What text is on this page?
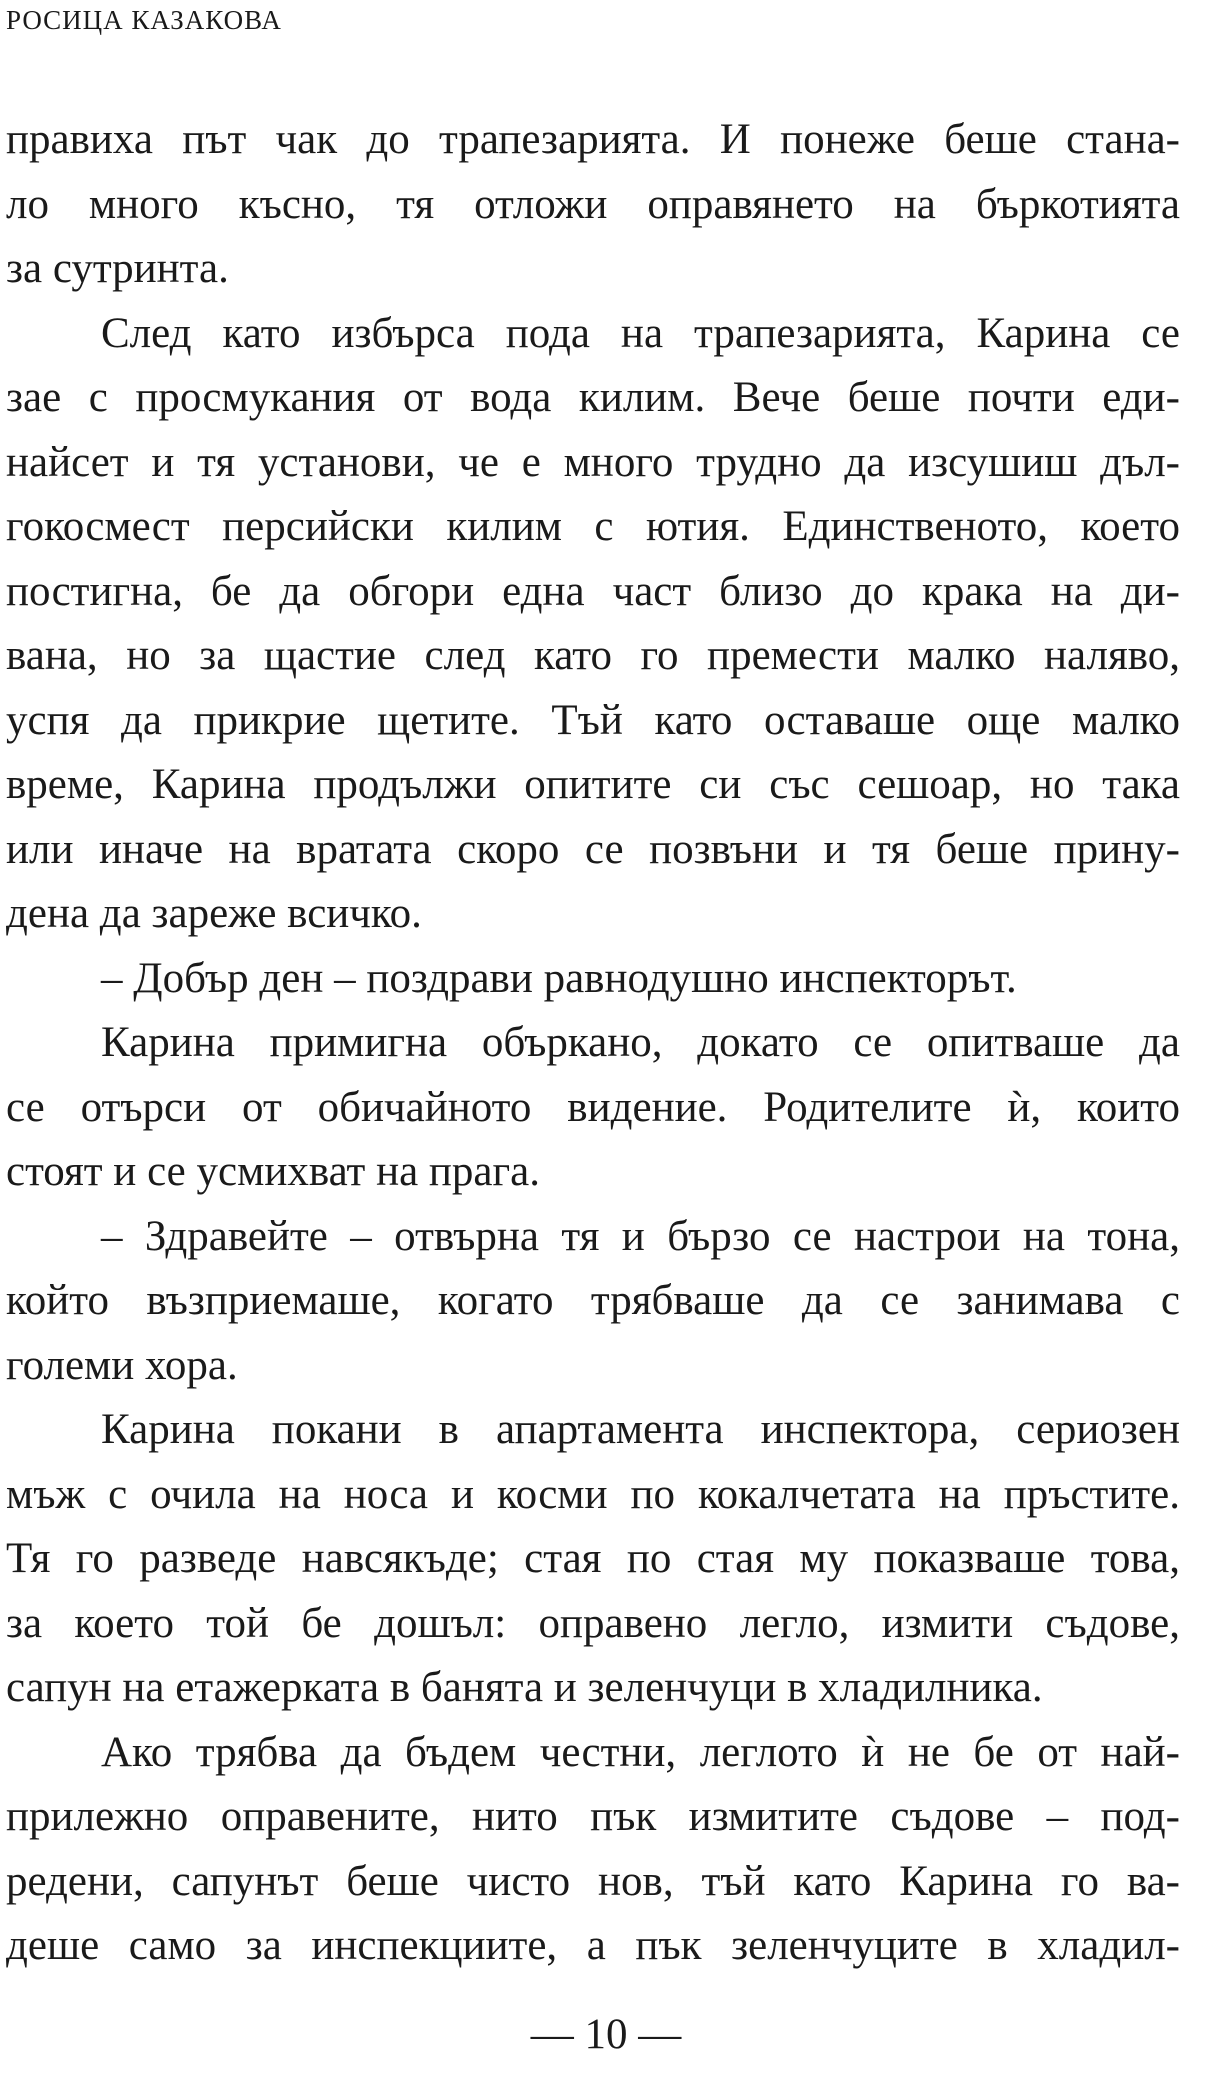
РОСИЦА КАЗАКОВА
правиха път чак до трапезарията. И понеже беше стана-
ло много късно, тя отложи оправянето на бъркотията
за сутринта.
След като избърса пода на трапезарията, Карина се
зае с просмукания от вода килим. Вече беше почти еди-
найсет и тя установи, че е много трудно да изсушиш дъл-
гокосмест персийски килим с ютия. Единственото, което
постигна, бе да обгори една част близо до крака на ди-
вана, но за щастие след като го премести малко наляво,
успя да прикрие щетите. Тъй като оставаше още малко
време, Карина продължи опитите си със сешоар, но така
или иначе на вратата скоро се позвъни и тя беше прину-
дена да зареже всичко.
– Добър ден – поздрави равнодушно инспекторът.
Карина примигна объркано, докато се опитваше да
се отърси от обичайното видение. Родителите ѝ, които
стоят и се усмихват на прага.
– Здравейте – отвърна тя и бързо се настрои на тона,
който възприемаше, когато трябваше да се занимава с
големи хора.
Карина покани в апартамента инспектора, сериозен
мъж с очила на носа и косми по кокалчетата на пръстите.
Тя го разведе навсякъде; стая по стая му показваше това,
за което той бе дошъл: оправено легло, измити съдове,
сапун на етажерката в банята и зеленчуци в хладилника.
Ако трябва да бъдем честни, леглото ѝ не бе от най-
прилежно оправените, нито пък измитите съдове – под-
редени, сапунът беше чисто нов, тъй като Карина го ва-
деше само за инспекциите, а пък зеленчуците в хладил-
— 10 —
